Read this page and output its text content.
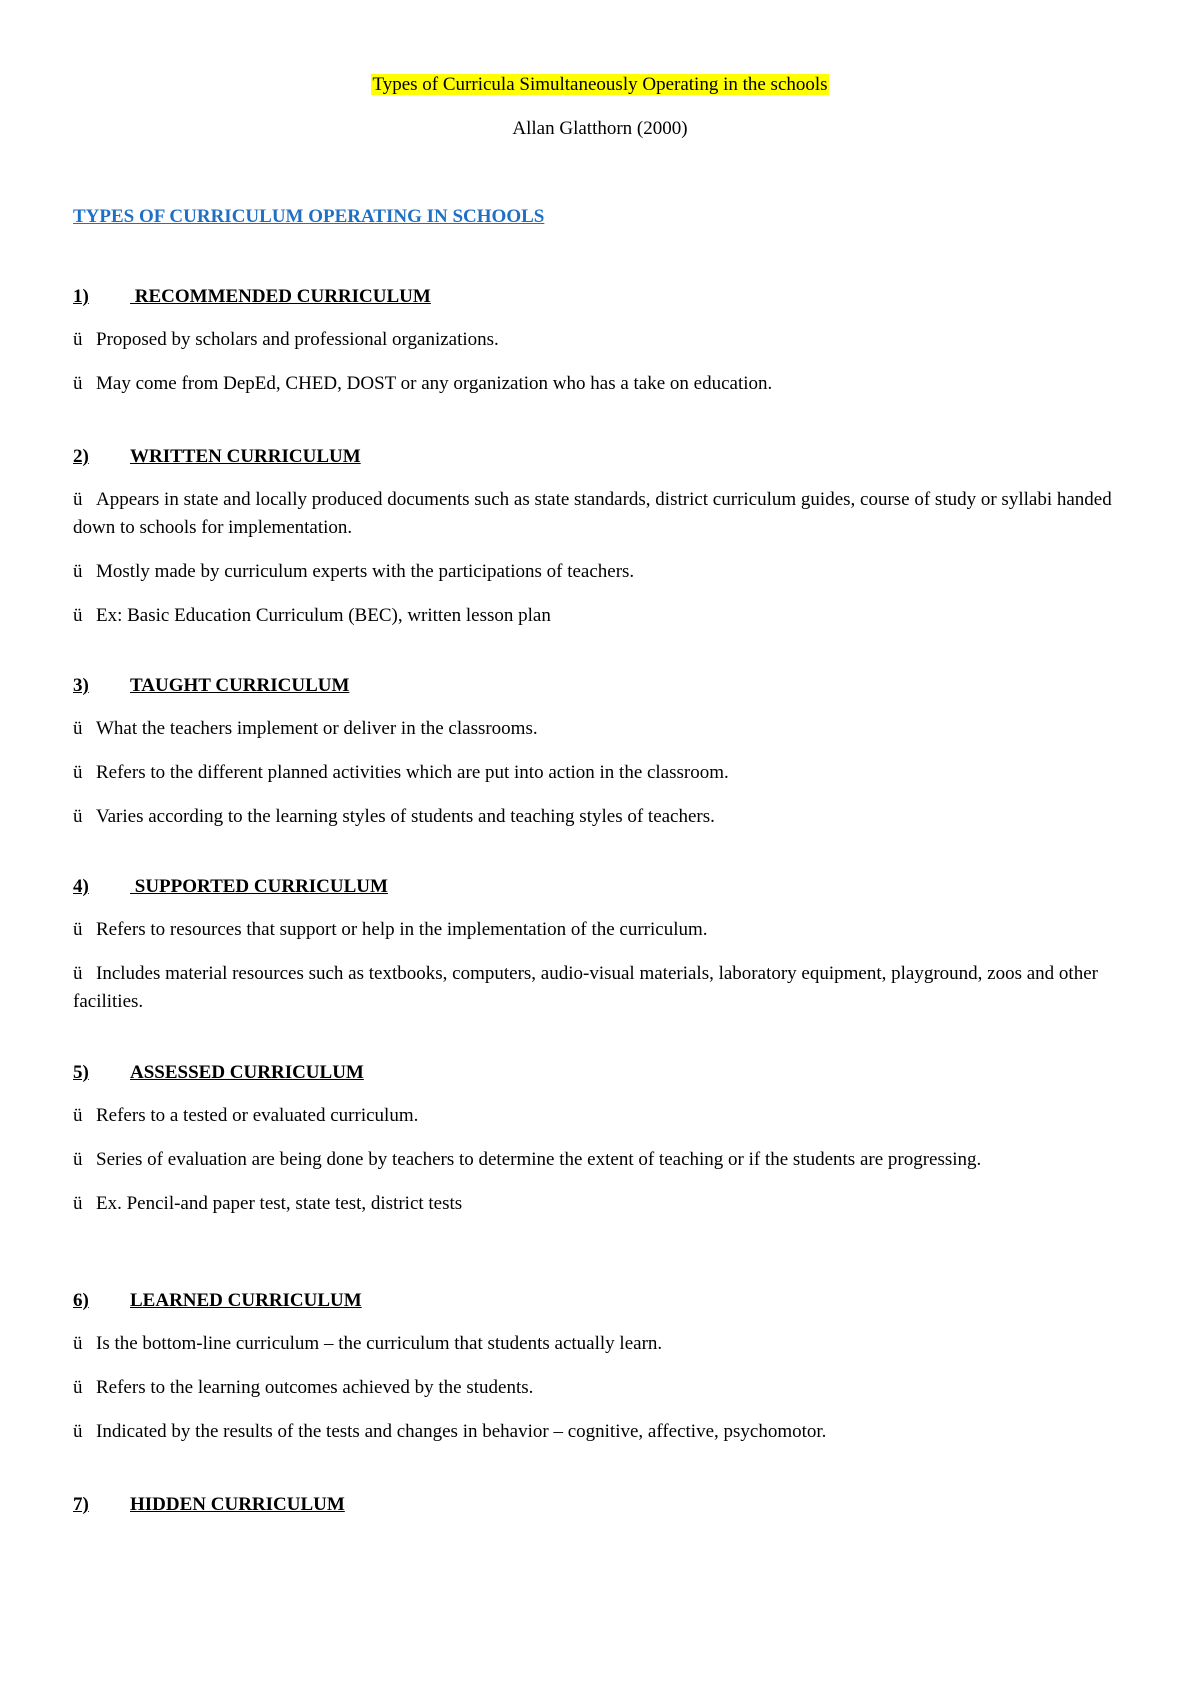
Types of Curricula Simultaneously Operating in the schools
Allan Glatthorn (2000)
TYPES OF CURRICULUM OPERATING IN SCHOOLS
1) RECOMMENDED CURRICULUM
ü Proposed by scholars and professional organizations.
ü May come from DepEd, CHED, DOST or any organization who has a take on education.
2) WRITTEN CURRICULUM
ü Appears in state and locally produced documents such as state standards, district curriculum guides, course of study or syllabi handed down to schools for implementation.
ü Mostly made by curriculum experts with the participations of teachers.
ü Ex: Basic Education Curriculum (BEC), written lesson plan
3) TAUGHT CURRICULUM
ü What the teachers implement or deliver in the classrooms.
ü Refers to the different planned activities which are put into action in the classroom.
ü Varies according to the learning styles of students and teaching styles of teachers.
4) SUPPORTED CURRICULUM
ü Refers to resources that support or help in the implementation of the curriculum.
ü Includes material resources such as textbooks, computers, audio-visual materials, laboratory equipment, playground, zoos and other facilities.
5) ASSESSED CURRICULUM
ü Refers to a tested or evaluated curriculum.
ü Series of evaluation are being done by teachers to determine the extent of teaching or if the students are progressing.
ü Ex. Pencil-and paper test, state test, district tests
6) LEARNED CURRICULUM
ü Is the bottom-line curriculum – the curriculum that students actually learn.
ü Refers to the learning outcomes achieved by the students.
ü Indicated by the results of the tests and changes in behavior – cognitive, affective, psychomotor.
7) HIDDEN CURRICULUM
